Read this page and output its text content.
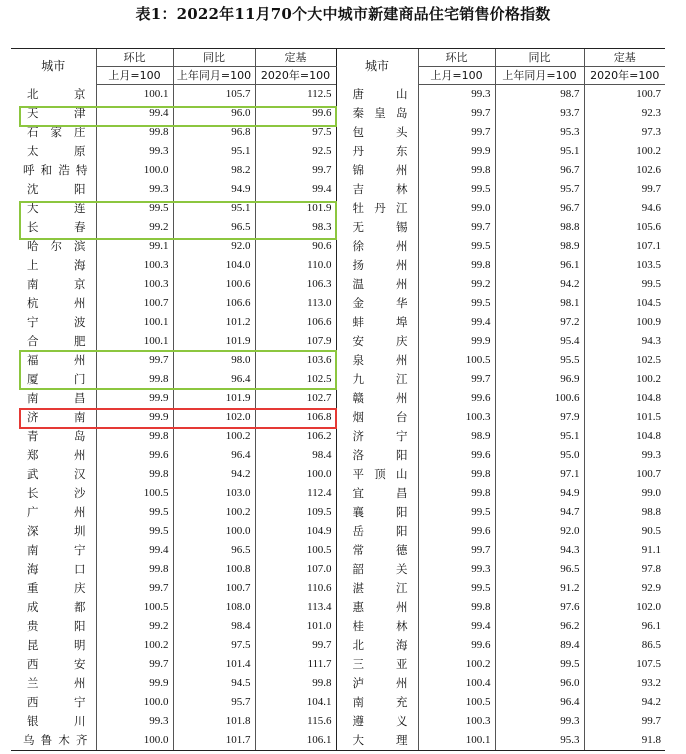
表1：2022年11月70个大中城市新建商品住宅销售价格指数
城市	环比	同比	定基	城市	环比	同比	定基
	上月=100	上年同月=100	2020年=100		上月=100	上年同月=100	2020年=100
北京	100.1	105.7	112.5	唐山	99.3	98.7	100.7
天津	99.4	96.0	99.6	秦皇岛	99.7	93.7	92.3
石家庄	99.8	96.8	97.5	包头	99.7	95.3	97.3
太原	99.3	95.1	92.5	丹东	99.9	95.1	100.2
呼和浩特	100.0	98.2	99.7	锦州	99.8	96.7	102.6
沈阳	99.3	94.9	99.4	吉林	99.5	95.7	99.7
大连	99.5	95.1	101.9	牡丹江	99.0	96.7	94.6
长春	99.2	96.5	98.3	无锡	99.7	98.8	105.6
哈尔滨	99.1	92.0	90.6	徐州	99.5	98.9	107.1
上海	100.3	104.0	110.0	扬州	99.8	96.1	103.5
南京	100.3	100.6	106.3	温州	99.2	94.2	99.5
杭州	100.7	106.6	113.0	金华	99.5	98.1	104.5
宁波	100.1	101.2	106.6	蚌埠	99.4	97.2	100.9
合肥	100.1	101.9	107.9	安庆	99.9	95.4	94.3
福州	99.7	98.0	103.6	泉州	100.5	95.5	102.5
厦门	99.8	96.4	102.5	九江	99.7	96.9	100.2
南昌	99.9	101.9	102.7	赣州	99.6	100.6	104.8
济南	99.9	102.0	106.8	烟台	100.3	97.9	101.5
青岛	99.8	100.2	106.2	济宁	98.9	95.1	104.8
郑州	99.6	96.4	98.4	洛阳	99.6	95.0	99.3
武汉	99.8	94.2	100.0	平顶山	99.8	97.1	100.7
长沙	100.5	103.0	112.4	宜昌	99.8	94.9	99.0
广州	99.5	100.2	109.5	襄阳	99.5	94.7	98.8
深圳	99.5	100.0	104.9	岳阳	99.6	92.0	90.5
南宁	99.4	96.5	100.5	常德	99.7	94.3	91.1
海口	99.8	100.8	107.0	韶关	99.3	96.5	97.8
重庆	99.7	100.7	110.6	湛江	99.5	91.2	92.9
成都	100.5	108.0	113.4	惠州	99.8	97.6	102.0
贵阳	99.2	98.4	101.0	桂林	99.4	96.2	96.1
昆明	100.2	97.5	99.7	北海	99.6	89.4	86.5
西安	99.7	101.4	111.7	三亚	100.2	99.5	107.5
兰州	99.9	94.5	99.8	泸州	100.4	96.0	93.2
西宁	100.0	95.7	104.1	南充	100.5	96.4	94.2
银川	99.3	101.8	115.6	遵义	100.3	99.3	99.7
乌鲁木齐	100.0	101.7	106.1	大理	100.1	95.3	91.8
